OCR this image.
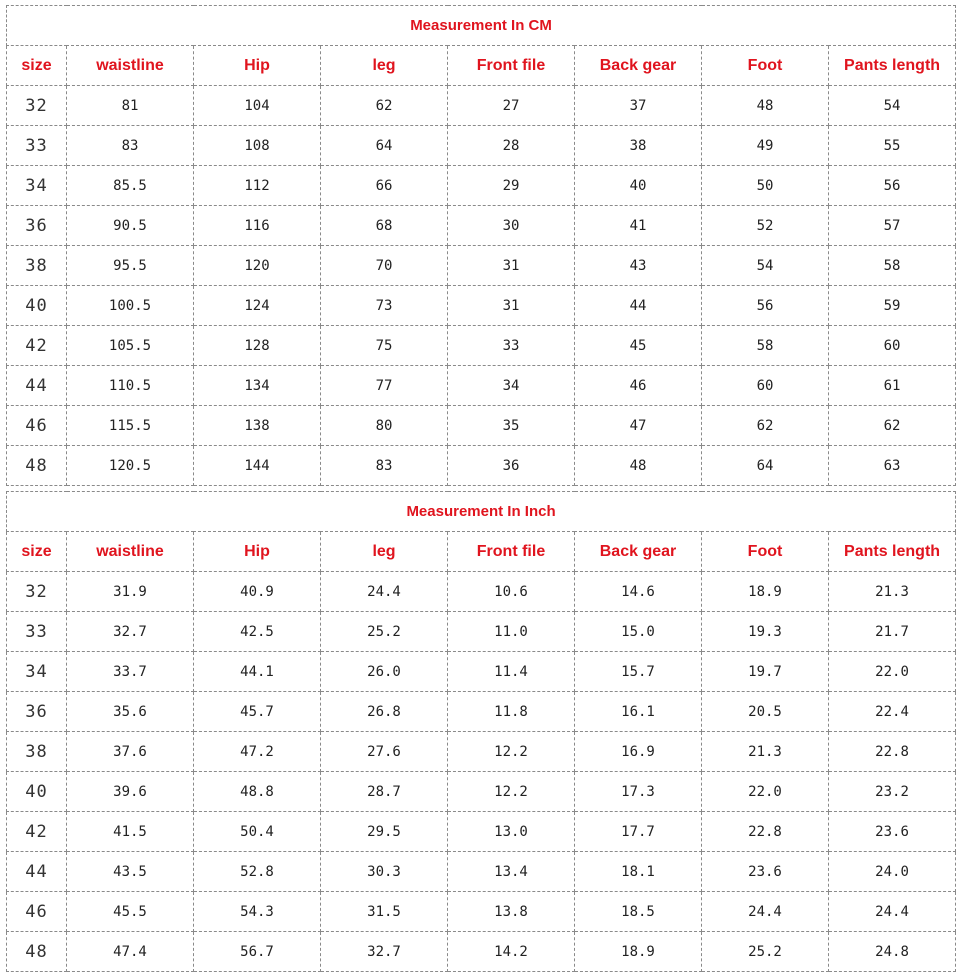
Measurement In CM							
size	waistline	Hip	leg	Front file	Back gear	Foot	Pants length
32	81	104	62	27	37	48	54
33	83	108	64	28	38	49	55
34	85.5	112	66	29	40	50	56
36	90.5	116	68	30	41	52	57
38	95.5	120	70	31	43	54	58
40	100.5	124	73	31	44	56	59
42	105.5	128	75	33	45	58	60
44	110.5	134	77	34	46	60	61
46	115.5	138	80	35	47	62	62
48	120.5	144	83	36	48	64	63
Measurement In Inch							
size	waistline	Hip	leg	Front file	Back gear	Foot	Pants length
32	31.9	40.9	24.4	10.6	14.6	18.9	21.3
33	32.7	42.5	25.2	11.0	15.0	19.3	21.7
34	33.7	44.1	26.0	11.4	15.7	19.7	22.0
36	35.6	45.7	26.8	11.8	16.1	20.5	22.4
38	37.6	47.2	27.6	12.2	16.9	21.3	22.8
40	39.6	48.8	28.7	12.2	17.3	22.0	23.2
42	41.5	50.4	29.5	13.0	17.7	22.8	23.6
44	43.5	52.8	30.3	13.4	18.1	23.6	24.0
46	45.5	54.3	31.5	13.8	18.5	24.4	24.4
48	47.4	56.7	32.7	14.2	18.9	25.2	24.8
